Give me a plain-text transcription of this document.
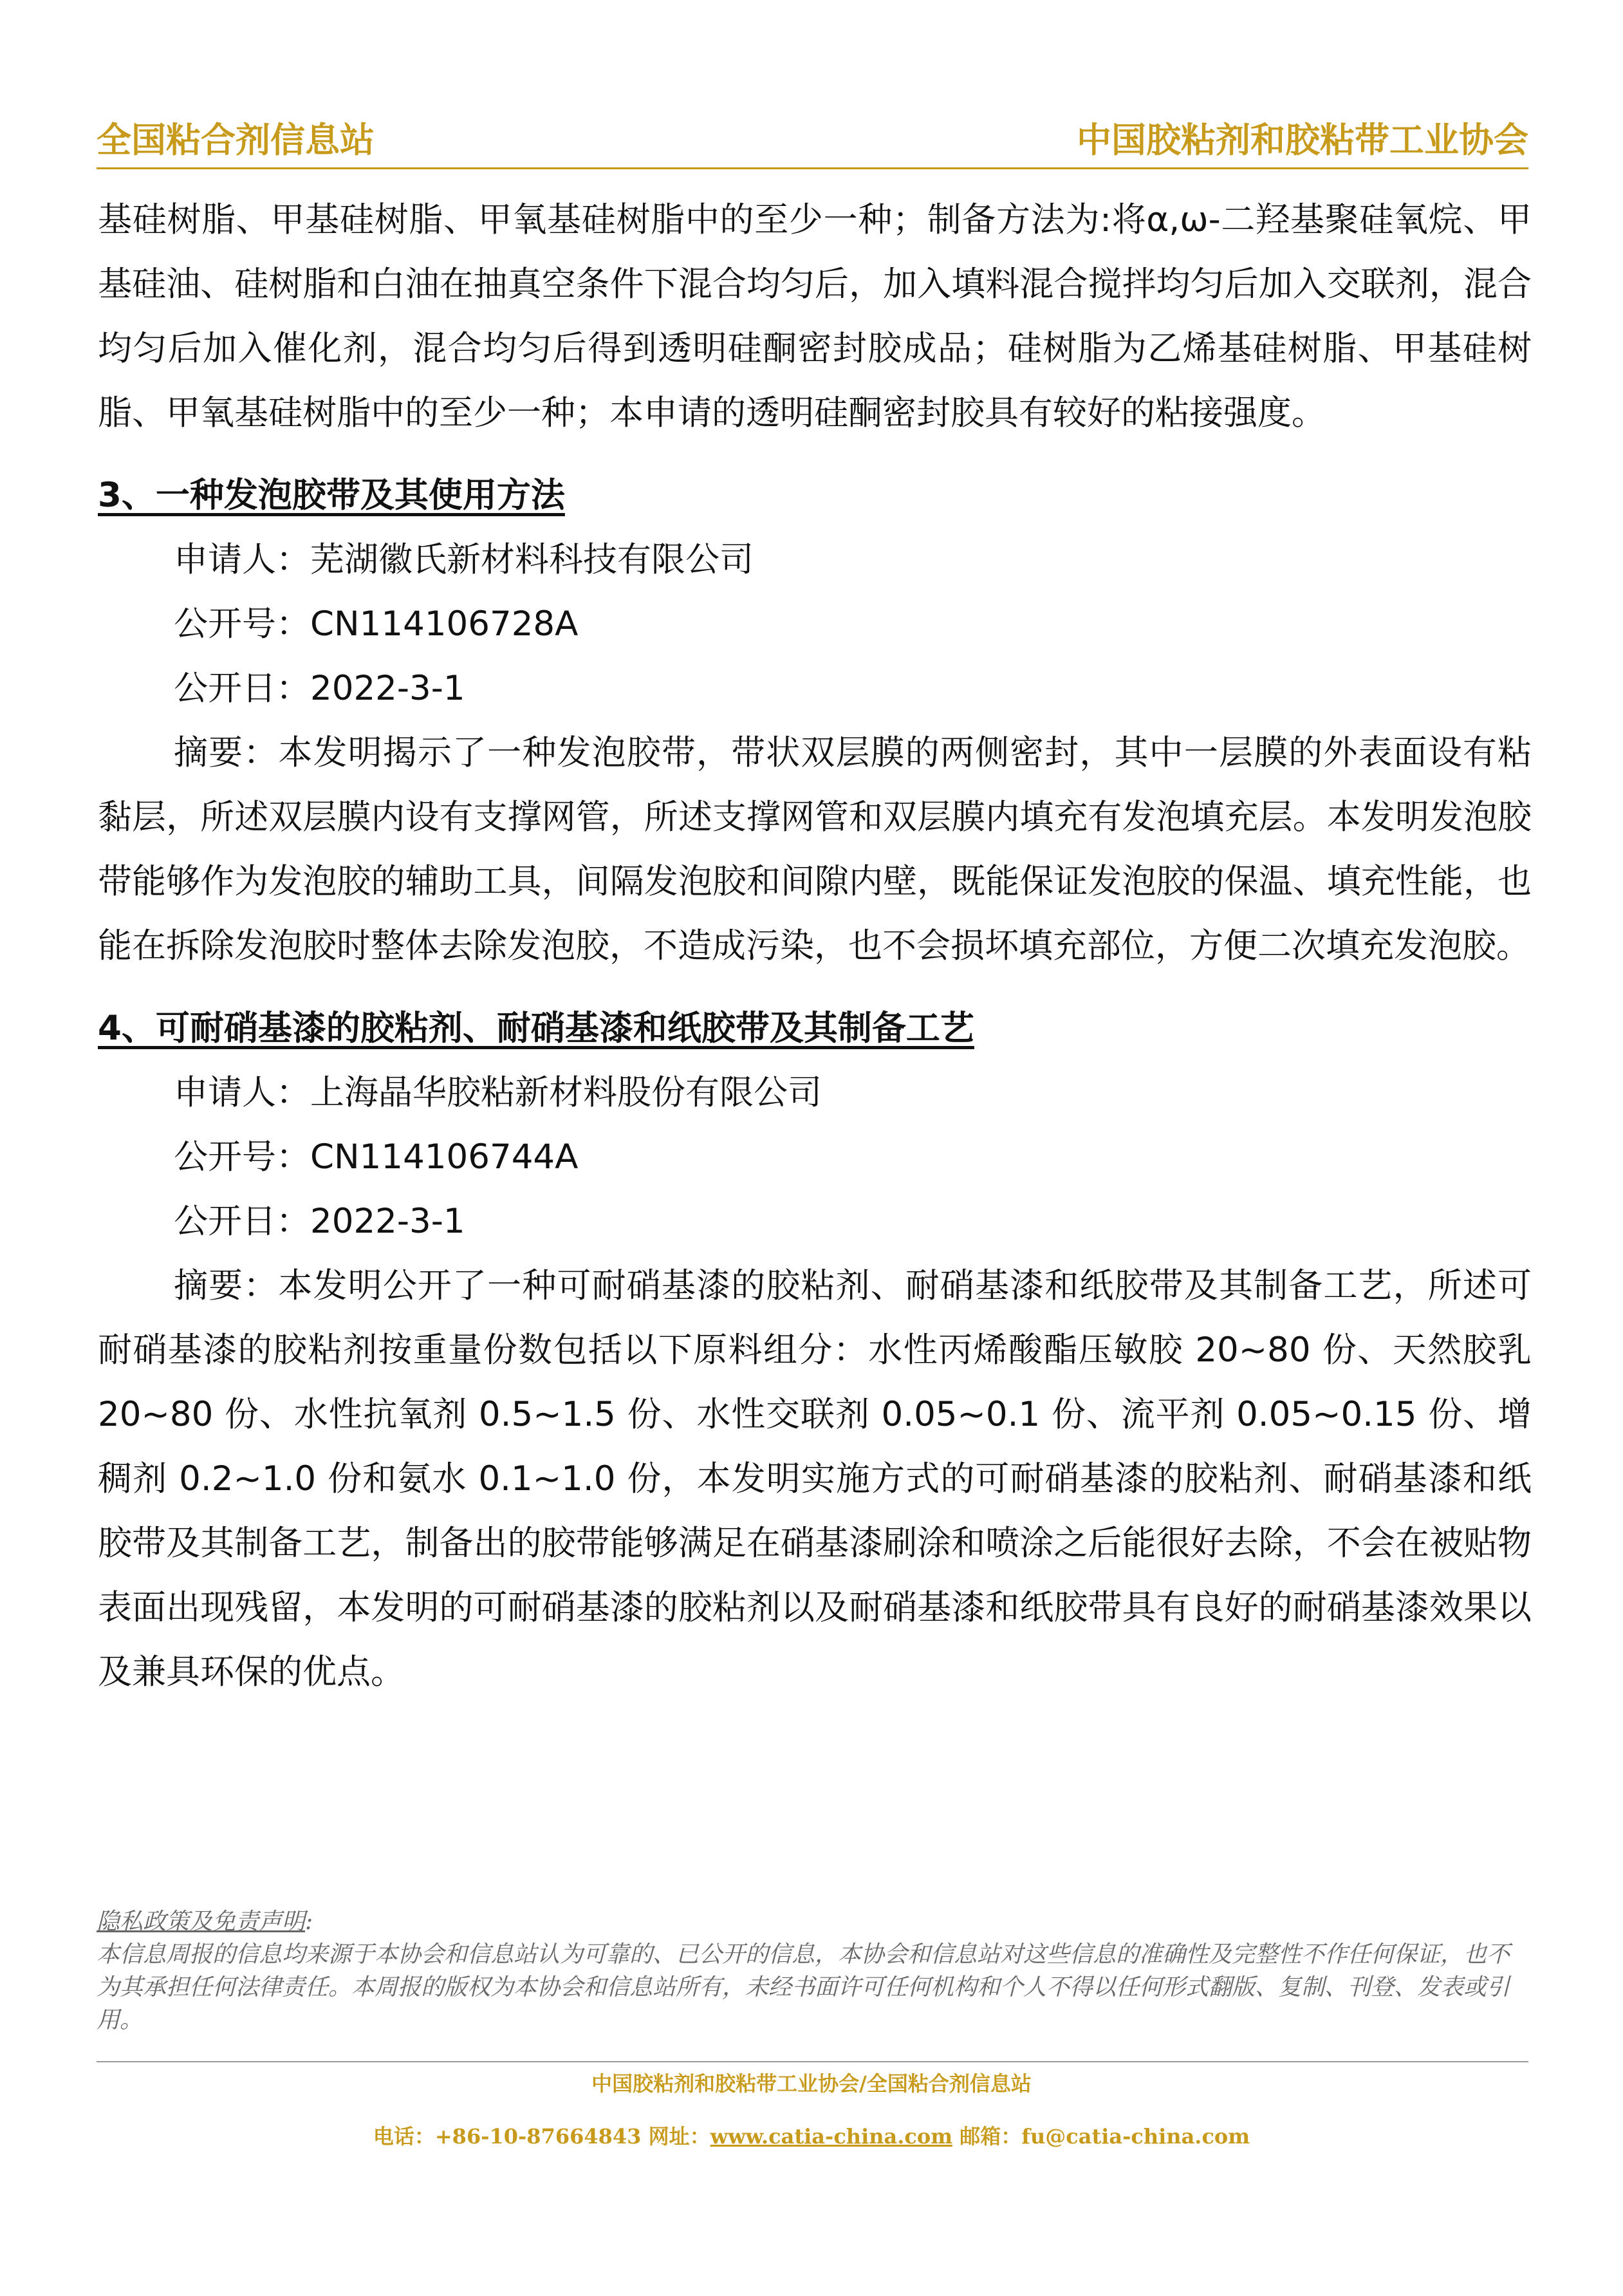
全国粘合剂信息站	中国胶粘剂和胶粘带工业协会

基硅树脂、甲基硅树脂、甲氧基硅树脂中的至少一种；制备方法为:将α,ω-二羟基聚硅氧烷、甲基硅油、硅树脂和白油在抽真空条件下混合均匀后，加入填料混合搅拌均匀后加入交联剂，混合均匀后加入催化剂，混合均匀后得到透明硅酮密封胶成品；硅树脂为乙烯基硅树脂、甲基硅树脂、甲氧基硅树脂中的至少一种；本申请的透明硅酮密封胶具有较好的粘接强度。

3、一种发泡胶带及其使用方法

申请人：芜湖徽氏新材料科技有限公司

公开号：CN114106728A

公开日：2022-3-1

摘要：本发明揭示了一种发泡胶带，带状双层膜的两侧密封，其中一层膜的外表面设有粘黏层，所述双层膜内设有支撑网管，所述支撑网管和双层膜内填充有发泡填充层。本发明发泡胶带能够作为发泡胶的辅助工具，间隔发泡胶和间隙内壁，既能保证发泡胶的保温、填充性能，也能在拆除发泡胶时整体去除发泡胶，不造成污染，也不会损坏填充部位，方便二次填充发泡胶。

4、可耐硝基漆的胶粘剂、耐硝基漆和纸胶带及其制备工艺

申请人：上海晶华胶粘新材料股份有限公司

公开号：CN114106744A

公开日：2022-3-1

摘要：本发明公开了一种可耐硝基漆的胶粘剂、耐硝基漆和纸胶带及其制备工艺，所述可耐硝基漆的胶粘剂按重量份数包括以下原料组分：水性丙烯酸酯压敏胶 20~80 份、天然胶乳 20~80 份、水性抗氧剂 0.5~1.5 份、水性交联剂 0.05~0.1 份、流平剂 0.05~0.15 份、增稠剂 0.2~1.0 份和氨水 0.1~1.0 份，本发明实施方式的可耐硝基漆的胶粘剂、耐硝基漆和纸胶带及其制备工艺，制备出的胶带能够满足在硝基漆刷涂和喷涂之后能很好去除，不会在被贴物表面出现残留，本发明的可耐硝基漆的胶粘剂以及耐硝基漆和纸胶带具有良好的耐硝基漆效果以及兼具环保的优点。

隐私政策及免责声明:
本信息周报的信息均来源于本协会和信息站认为可靠的、已公开的信息，本协会和信息站对这些信息的准确性及完整性不作任何保证，也不为其承担任何法律责任。本周报的版权为本协会和信息站所有，未经书面许可任何机构和个人不得以任何形式翻版、复制、刊登、发表或引用。
中国胶粘剂和胶粘带工业协会/全国粘合剂信息站
电话：+86-10-87664843 网址：www.catia-china.com 邮箱：fu@catia-china.com
